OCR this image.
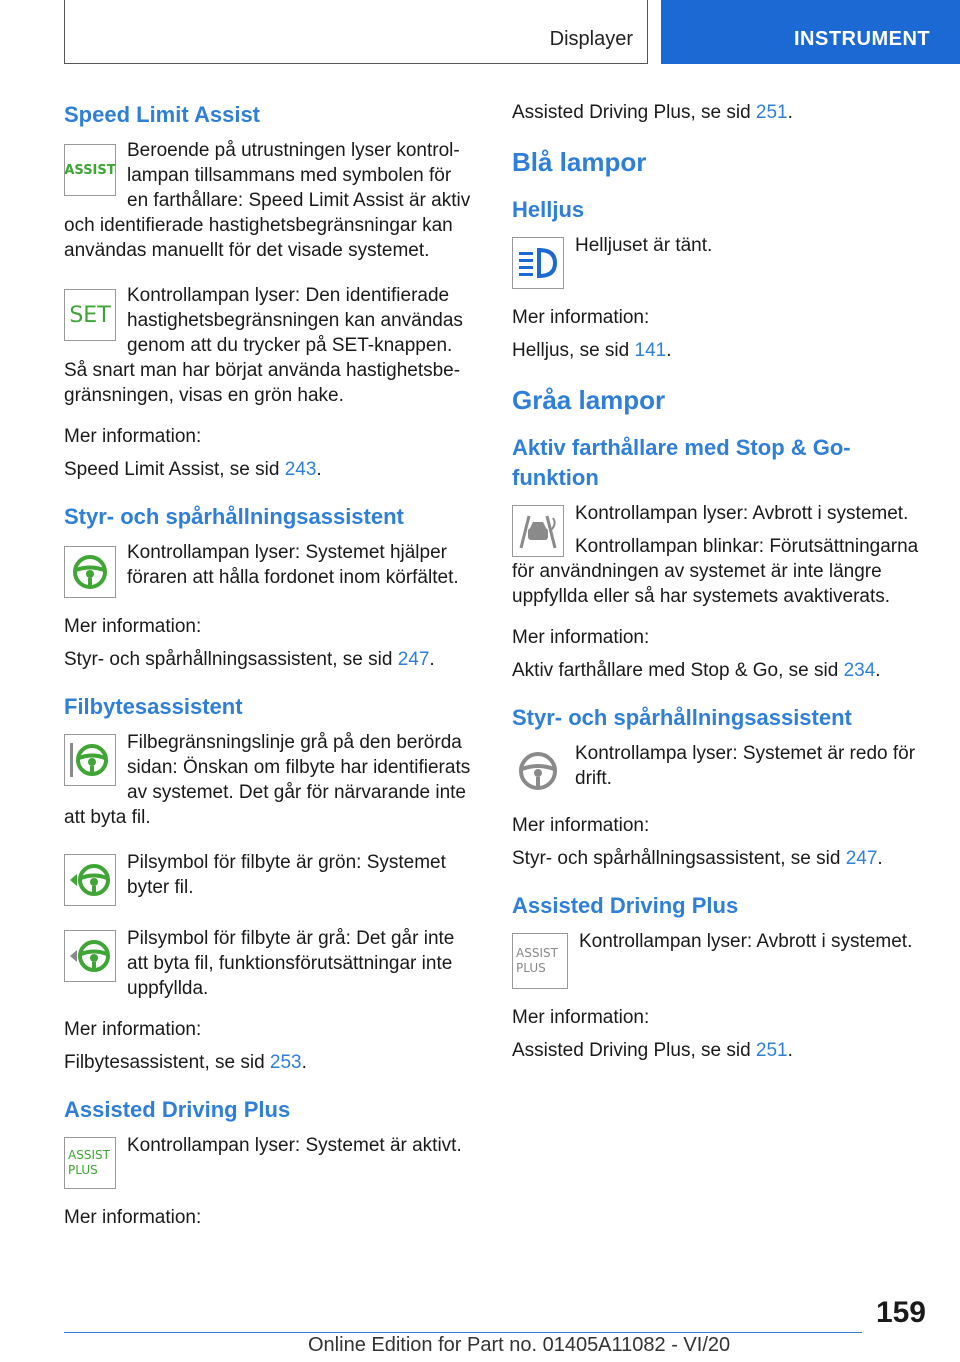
Displayer	INSTRUMENT
Speed Limit Assist
ASSIST

Beroende på utrustningen lyser kontrollampan tillsammans med symbolen för en farthållare: Speed Limit Assist är aktiv och identifierade hastighetsbegränsningar kan användas manuellt för det visade systemet.

SET

Kontrollampan lyser: Den identifierade hastighetsbegränsningen kan användas genom att du trycker på SET-knappen. Så snart man har börjat använda hastighetsbegränsningen, visas en grön hake.

Mer information:

Speed Limit Assist, se sid 243.

Styr- och spårhållningsassistent

Kontrollampan lyser: Systemet hjälper föraren att hålla fordonet inom körfältet.

Mer information:

Styr- och spårhållningsassistent, se sid 247.

Filbytesassistent

Filbegränsningslinje grå på den berörda sidan: Önskan om filbyte har identifierats av systemet. Det går för närvarande inte att byta fil.

Pilsymbol för filbyte är grön: Systemet byter fil.

Pilsymbol för filbyte är grå: Det går inte att byta fil, funktionsförutsättningar inte uppfyllda.

Mer information:

Filbytesassistent, se sid 253.

Assisted Driving Plus
ASSIST
PLUS

Kontrollampan lyser: Systemet är aktivt.

Mer information:

Assisted Driving Plus, se sid 251.

Blå lampor
Helljus

Helljuset är tänt.

Mer information:

Helljus, se sid 141.

Gråa lampor
Aktiv farthållare med Stop & Go-funktion

Kontrollampan lyser: Avbrott i systemet.

Kontrollampan blinkar: Förutsättningarna för användningen av systemet är inte längre uppfyllda eller så har systemets avaktiverats.

Mer information:

Aktiv farthållare med Stop & Go, se sid 234.

Styr- och spårhållningsassistent

Kontrollampa lyser: Systemet är redo för drift.

Mer information:

Styr- och spårhållningsassistent, se sid 247.

Assisted Driving Plus
ASSIST
PLUS

Kontrollampan lyser: Avbrott i systemet.

Mer information:

Assisted Driving Plus, se sid 251.

159
Online Edition for Part no. 01405A11082 - VI/20
